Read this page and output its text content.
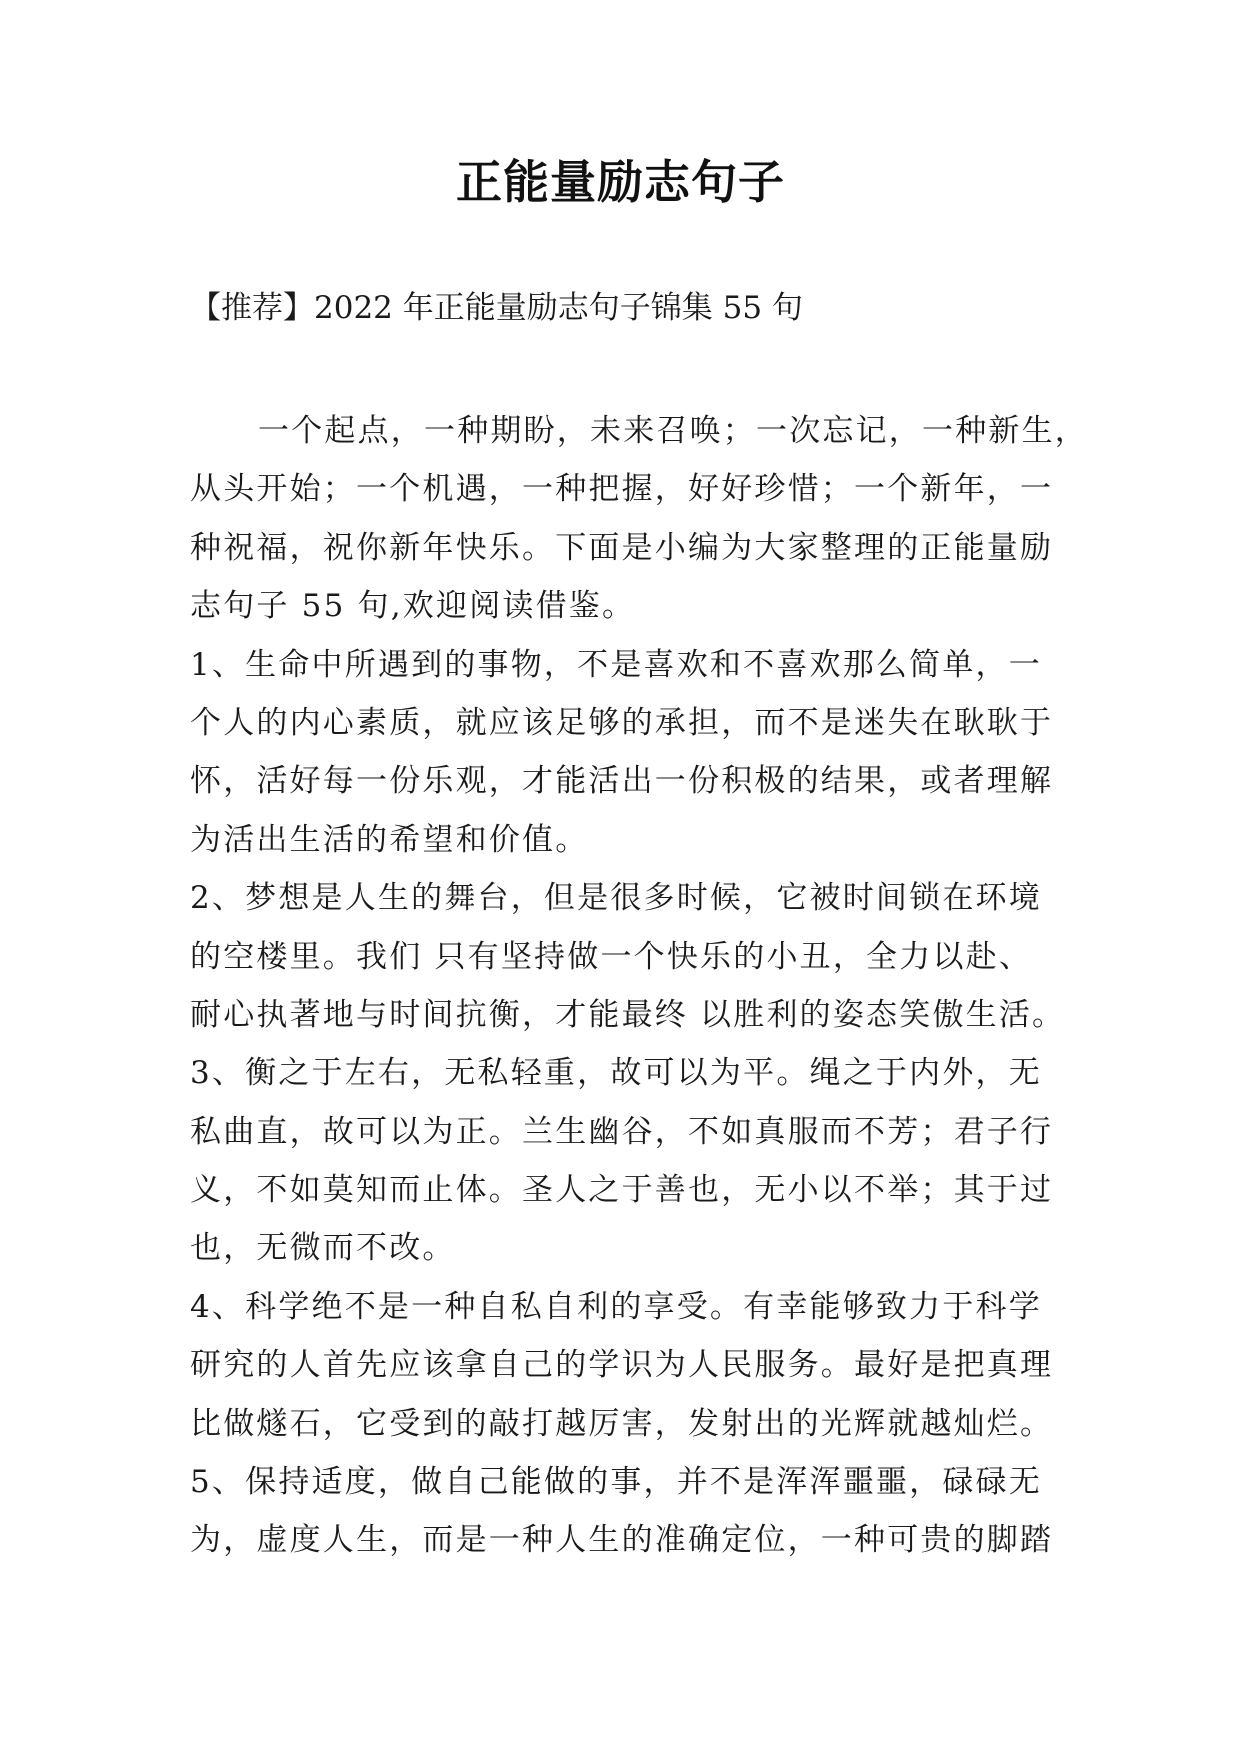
正能量励志句子
【推荐】2022 年正能量励志句子锦集 55 句
一个起点，一种期盼，未来召唤；一次忘记，一种新生，
从头开始；一个机遇，一种把握，好好珍惜；一个新年，一
种祝福，祝你新年快乐。下面是小编为大家整理的正能量励
志句子 55 句,欢迎阅读借鉴。
1、生命中所遇到的事物，不是喜欢和不喜欢那么简单，一
个人的内心素质，就应该足够的承担，而不是迷失在耿耿于
怀，活好每一份乐观，才能活出一份积极的结果，或者理解
为活出生活的希望和价值。
2、梦想是人生的舞台，但是很多时候，它被时间锁在环境
的空楼里。我们 只有坚持做一个快乐的小丑，全力以赴、
耐心执著地与时间抗衡，才能最终 以胜利的姿态笑傲生活。
3、衡之于左右，无私轻重，故可以为平。绳之于内外，无
私曲直，故可以为正。兰生幽谷，不如真服而不芳；君子行
义，不如莫知而止体。圣人之于善也，无小以不举；其于过
也，无微而不改。
4、科学绝不是一种自私自利的享受。有幸能够致力于科学
研究的人首先应该拿自己的学识为人民服务。最好是把真理
比做燧石，它受到的敲打越厉害，发射出的光辉就越灿烂。
5、保持适度，做自己能做的事，并不是浑浑噩噩，碌碌无
为，虚度人生，而是一种人生的准确定位，一种可贵的脚踏
